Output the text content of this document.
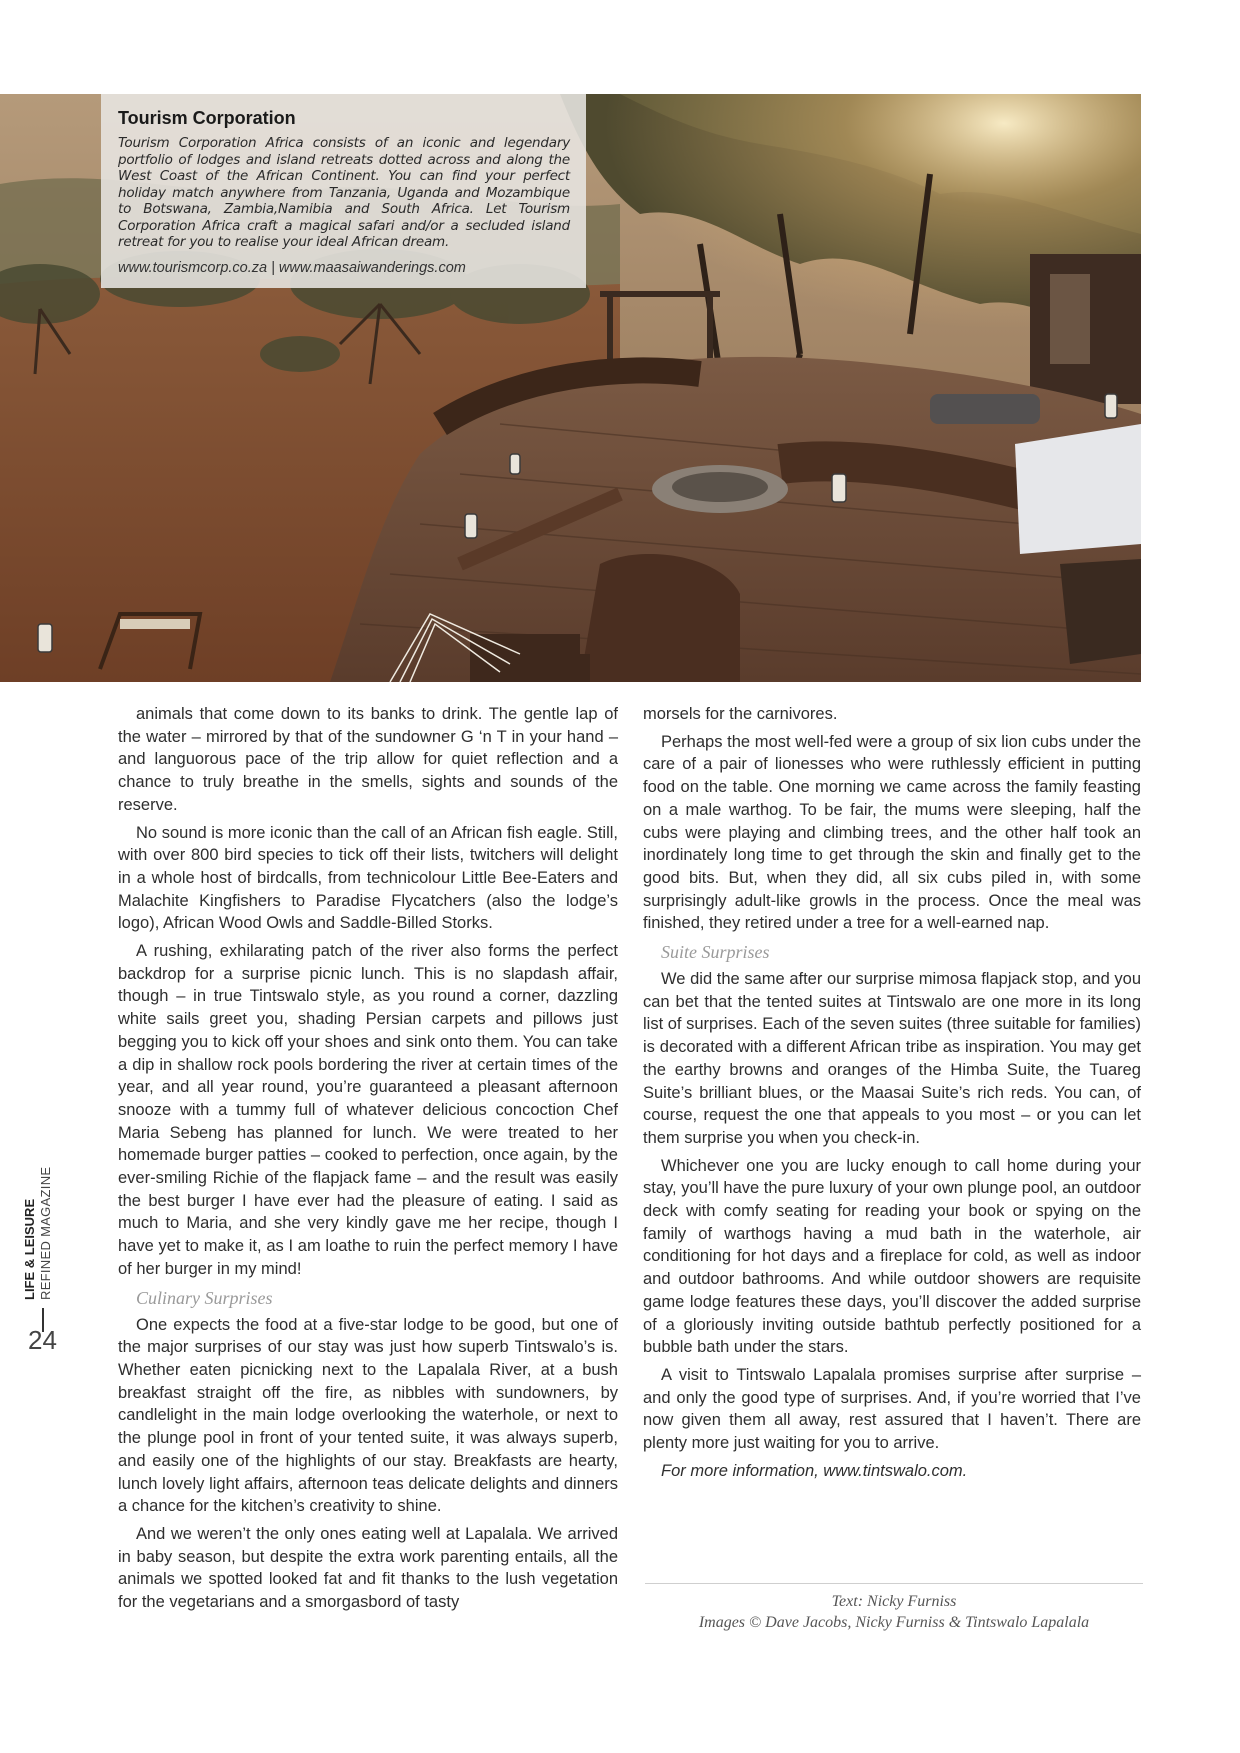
Tourism Corporation

Tourism Corporation Africa consists of an iconic and legendary portfolio of lodges and island retreats dotted across and along the West Coast of the African Continent. You can find your perfect holiday match anywhere from Tanzania, Uganda and Mozambique to Botswana, Zambia,Namibia and South Africa. Let Tourism Corporation Africa craft a magical safari and/or a secluded island retreat for you to realise your ideal African dream.

www.tourismcorp.co.za | www.maasaiwanderings.com

animals that come down to its banks to drink. The gentle lap of the water – mirrored by that of the sundowner G ‘n T in your hand – and languorous pace of the trip allow for quiet reflection and a chance to truly breathe in the smells, sights and sounds of the reserve.

No sound is more iconic than the call of an African fish eagle. Still, with over 800 bird species to tick off their lists, twitchers will delight in a whole host of birdcalls, from technicolour Little Bee-Eaters and Malachite Kingfishers to Paradise Flycatchers (also the lodge’s logo), African Wood Owls and Saddle-Billed Storks.

A rushing, exhilarating patch of the river also forms the perfect backdrop for a surprise picnic lunch. This is no slapdash affair, though – in true Tintswalo style, as you round a corner, dazzling white sails greet you, shading Persian carpets and pillows just begging you to kick off your shoes and sink onto them. You can take a dip in shallow rock pools bordering the river at certain times of the year, and all year round, you’re guaranteed a pleasant afternoon snooze with a tummy full of whatever delicious concoction Chef Maria Sebeng has planned for lunch. We were treated to her homemade burger patties – cooked to perfection, once again, by the ever-smiling Richie of the flapjack fame – and the result was easily the best burger I have ever had the pleasure of eating. I said as much to Maria, and she very kindly gave me her recipe, though I have yet to make it, as I am loathe to ruin the perfect memory I have of her burger in my mind!

Culinary Surprises

One expects the food at a five-star lodge to be good, but one of the major surprises of our stay was just how superb Tintswalo’s is. Whether eaten picnicking next to the Lapalala River, at a bush breakfast straight off the fire, as nibbles with sundowners, by candlelight in the main lodge overlooking the waterhole, or next to the plunge pool in front of your tented suite, it was always superb, and easily one of the highlights of our stay. Breakfasts are hearty, lunch lovely light affairs, afternoon teas delicate delights and dinners a chance for the kitchen’s creativity to shine.

And we weren’t the only ones eating well at Lapalala. We arrived in baby season, but despite the extra work parenting entails, all the animals we spotted looked fat and fit thanks to the lush vegetation for the vegetarians and a smorgasbord of tasty

morsels for the carnivores.

Perhaps the most well-fed were a group of six lion cubs under the care of a pair of lionesses who were ruthlessly efficient in putting food on the table. One morning we came across the family feasting on a male warthog. To be fair, the mums were sleeping, half the cubs were playing and climbing trees, and the other half took an inordinately long time to get through the skin and finally get to the good bits. But, when they did, all six cubs piled in, with some surprisingly adult-like growls in the process. Once the meal was finished, they retired under a tree for a well-earned nap.

Suite Surprises

We did the same after our surprise mimosa flapjack stop, and you can bet that the tented suites at Tintswalo are one more in its long list of surprises. Each of the seven suites (three suitable for families) is decorated with a different African tribe as inspiration. You may get the earthy browns and oranges of the Himba Suite, the Tuareg Suite’s brilliant blues, or the Maasai Suite’s rich reds. You can, of course, request the one that appeals to you most – or you can let them surprise you when you check-in.

Whichever one you are lucky enough to call home during your stay, you’ll have the pure luxury of your own plunge pool, an outdoor deck with comfy seating for reading your book or spying on the family of warthogs having a mud bath in the waterhole, air conditioning for hot days and a fireplace for cold, as well as indoor and outdoor bathrooms. And while outdoor showers are requisite game lodge features these days, you’ll discover the added surprise of a gloriously inviting outside bathtub perfectly positioned for a bubble bath under the stars.

A visit to Tintswalo Lapalala promises surprise after surprise – and only the good type of surprises. And, if you’re worried that I’ve now given them all away, rest assured that I haven’t. There are plenty more just waiting for you to arrive.

For more information, www.tintswalo.com.

Text: Nicky Furniss
Images © Dave Jacobs, Nicky Furniss & Tintswalo Lapalala
LIFE & LEISURE REFINED MAGAZINE
24
